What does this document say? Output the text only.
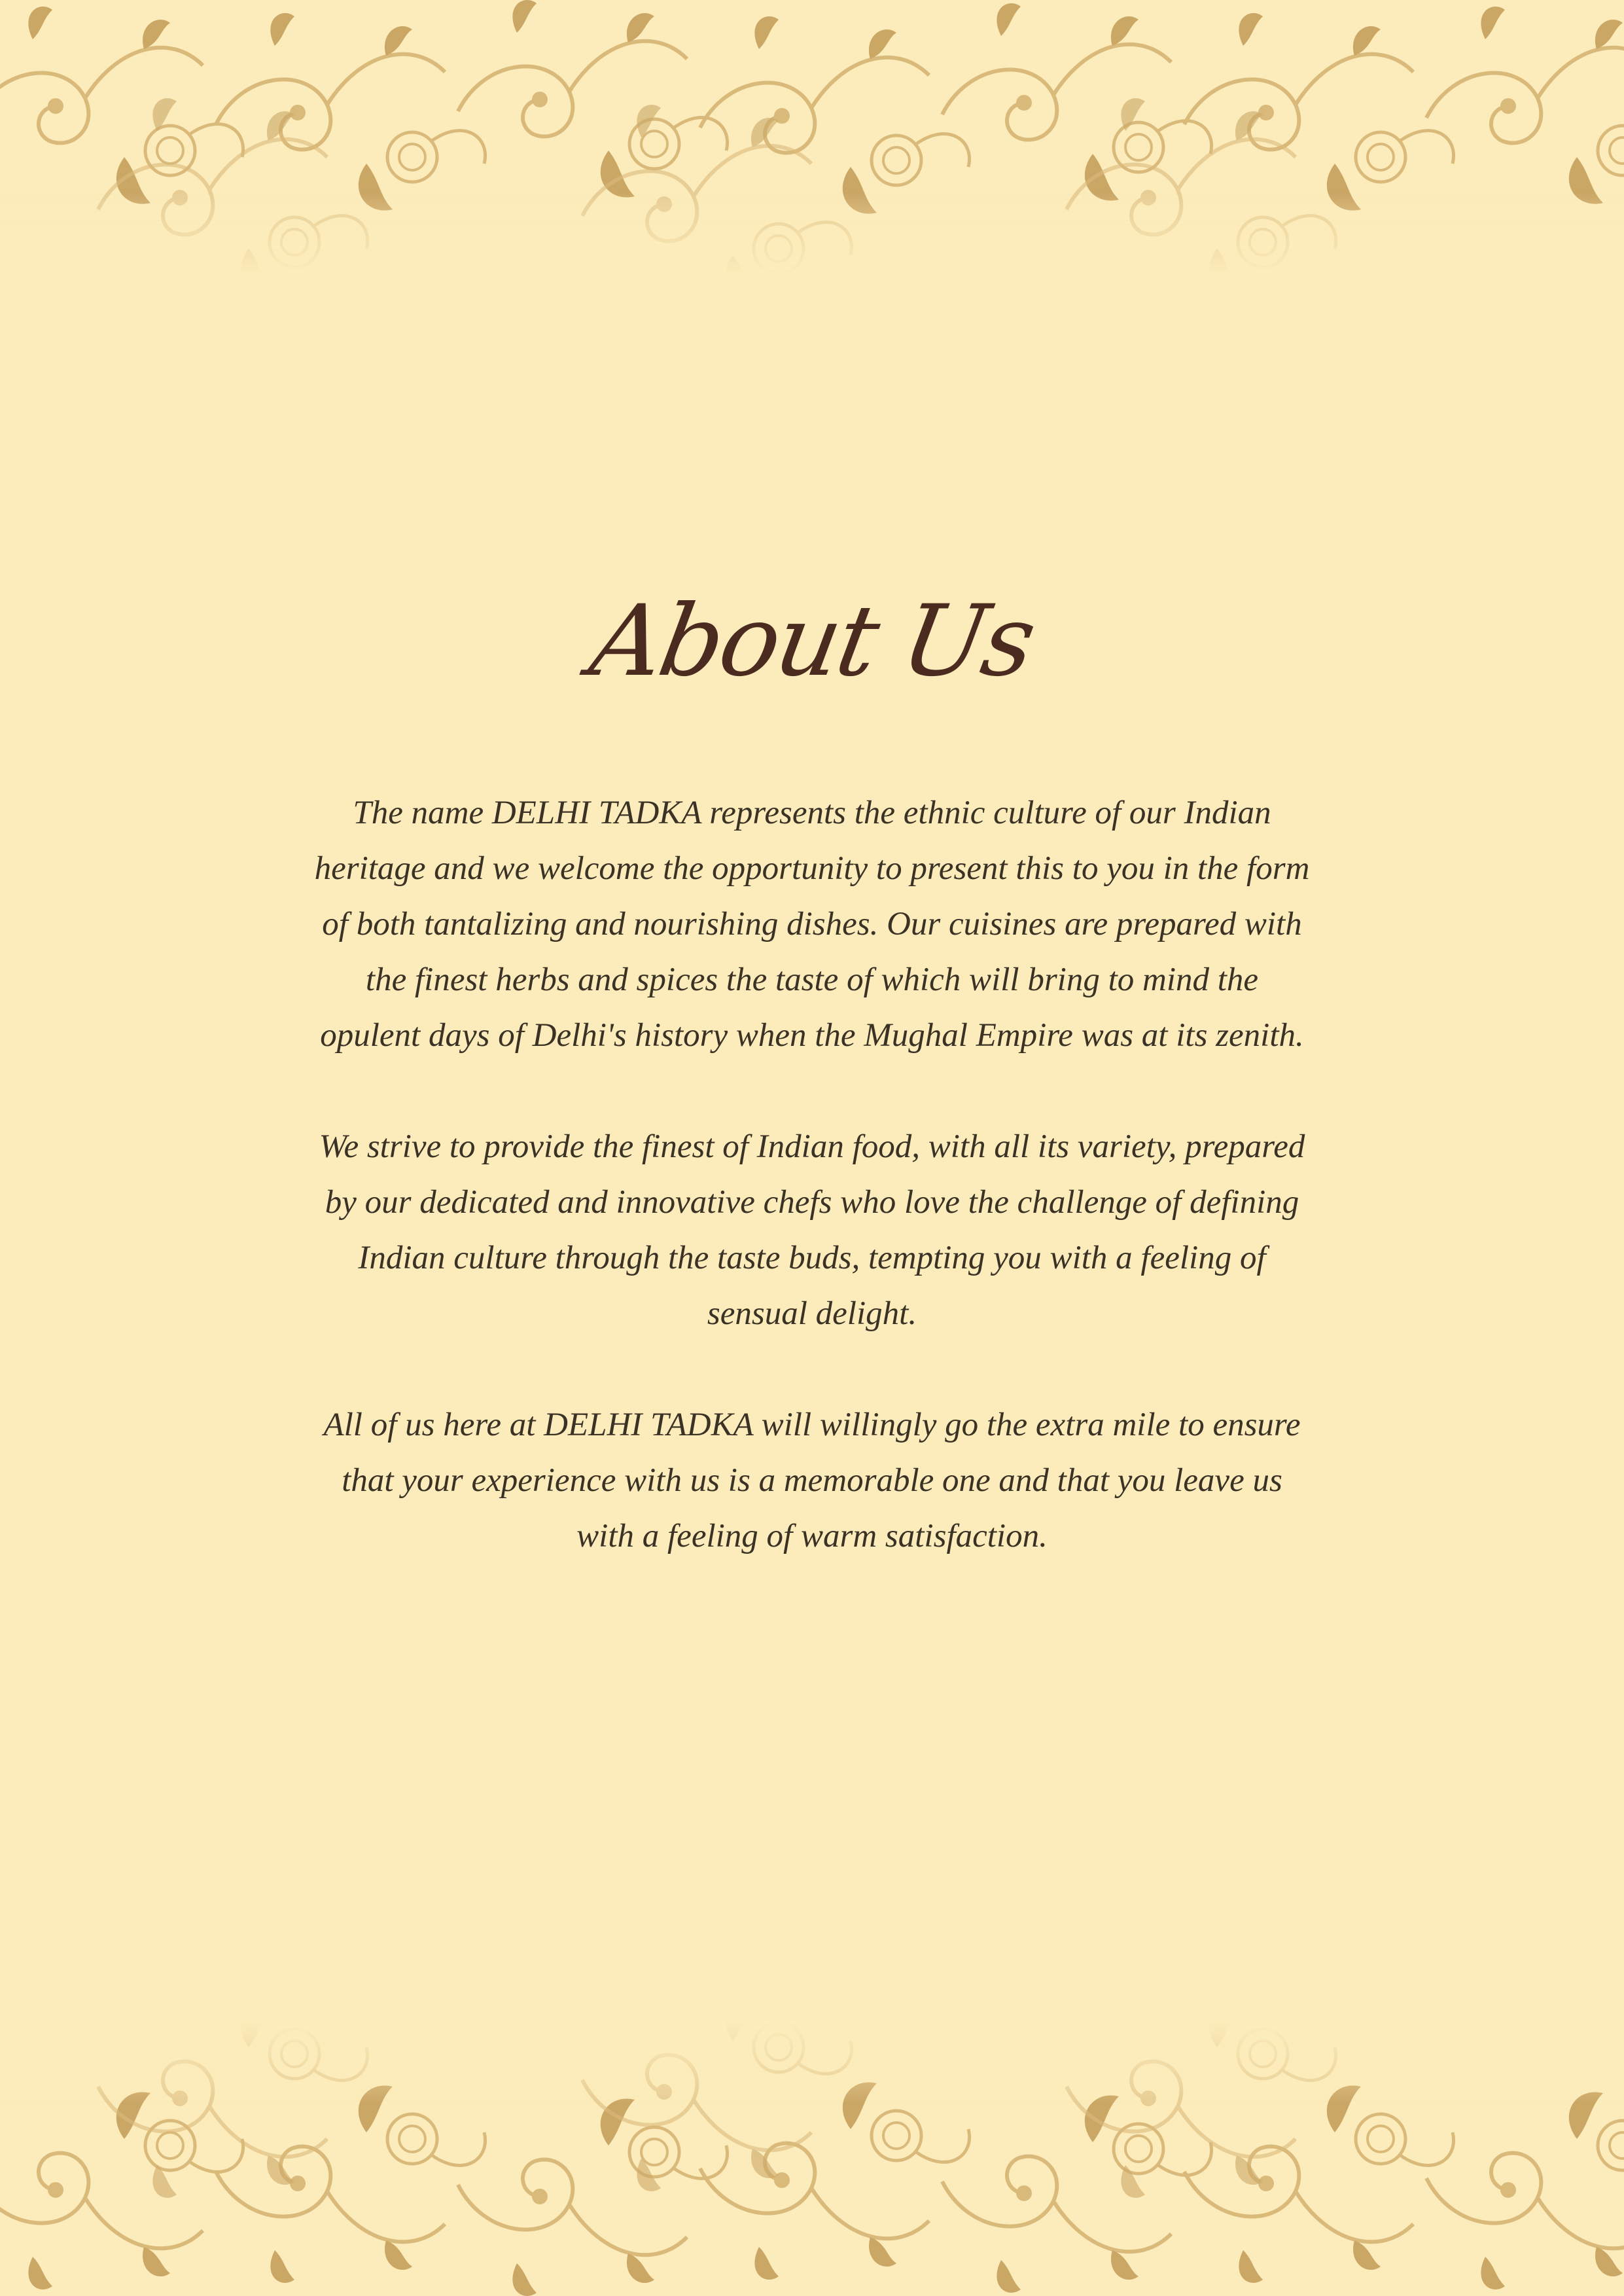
About Us

The name DELHI TADKA represents the ethnic culture of our Indian heritage and we welcome the opportunity to present this to you in the form of both tantalizing and nourishing dishes. Our cuisines are prepared with the finest herbs and spices the taste of which will bring to mind the opulent days of Delhi's history when the Mughal Empire was at its zenith.

We strive to provide the finest of Indian food, with all its variety, prepared by our dedicated and innovative chefs who love the challenge of defining Indian culture through the taste buds, tempting you with a feeling of sensual delight.

All of us here at DELHI TADKA will willingly go the extra mile to ensure that your experience with us is a memorable one and that you leave us with a feeling of warm satisfaction.
